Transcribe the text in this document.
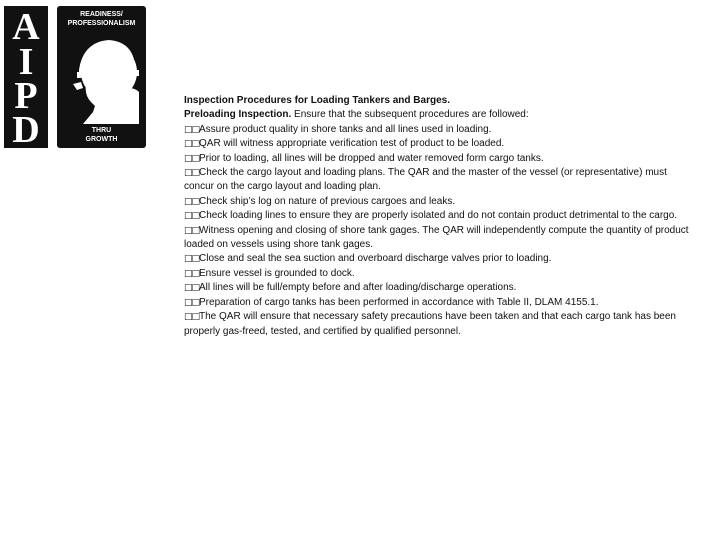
A
I
P
D
READINESS/
PROFESSIONALISM
THRU
GROWTH

Inspection Procedures for Loading Tankers and Barges.

Preloading Inspection. Ensure that the subsequent procedures are followed:

□□Assure product quality in shore tanks and all lines used in loading.

□□QAR will witness appropriate verification test of product to be loaded.

□□Prior to loading, all lines will be dropped and water removed form cargo tanks.

□□Check the cargo layout and loading plans. The QAR and the master of the vessel (or representative) must concur on the cargo layout and loading plan.

□□Check ship’s log on nature of previous cargoes and leaks.

□□Check loading lines to ensure they are properly isolated and do not contain product detrimental to the cargo.

□□Witness opening and closing of shore tank gages. The QAR will independently compute the quantity of product loaded on vessels using shore tank gages.

□□Close and seal the sea suction and overboard discharge valves prior to loading.

□□Ensure vessel is grounded to dock.

□□All lines will be full/empty before and after loading/discharge operations.

□□Preparation of cargo tanks has been performed in accordance with Table II, DLAM 4155.1.

□□The QAR will ensure that necessary safety precautions have been taken and that each cargo tank has been properly gas-freed, tested, and certified by qualified personnel.
